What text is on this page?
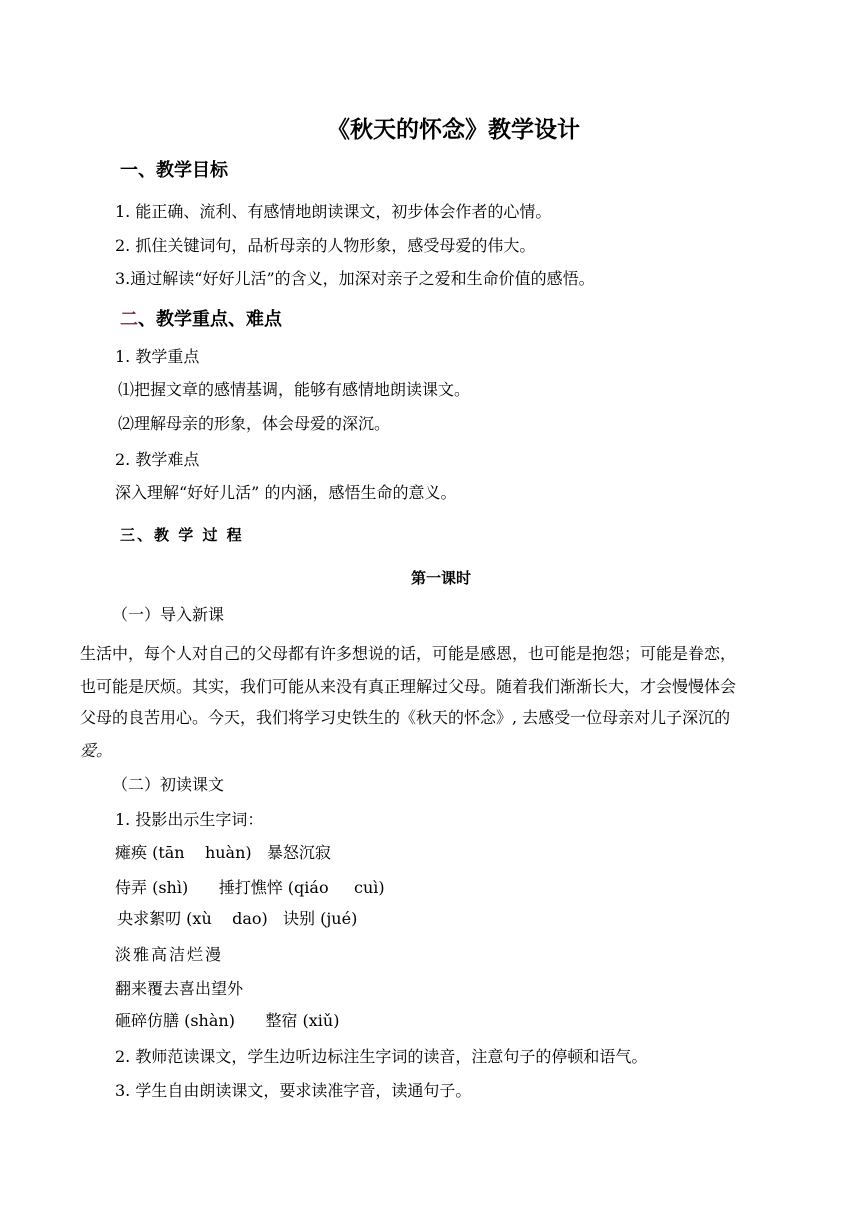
《秋天的怀念》教学设计
一、教学目标
1. 能正确、流利、有感情地朗读课文，初步体会作者的心情。
2. 抓住关键词句，品析母亲的人物形象，感受母爱的伟大。
3.通过解读“好好儿活”的含义，加深对亲子之爱和生命价值的感悟。
二、教学重点、难点
1. 教学重点
⑴把握文章的感情基调，能够有感情地朗读课文。
⑵理解母亲的形象，体会母爱的深沉。
2. 教学难点
深入理解“好好儿活” 的内涵，感悟生命的意义。
三、教 学 过 程
第一课时
（一）导入新课
生活中，每个人对自己的父母都有许多想说的话，可能是感恩，也可能是抱怨；可能是眷恋，
也可能是厌烦。其实，我们可能从来没有真正理解过父母。随着我们渐渐长大，才会慢慢体会
父母的良苦用心。今天，我们将学习史铁生的《秋天的怀念》, 去感受一位母亲对儿子深沉的
爱。
（二）初读课文
1. 投影出示生字词：
瘫痪 (tān    huàn)   暴怒沉寂
侍弄 (shì)      捶打憔悴 (qiáo     cuì)
央求絮叨 (xù    dao)   诀别 (jué)
淡雅高洁烂漫
翻来覆去喜出望外
砸碎仿膳 (shàn)      整宿 (xiǔ)
2. 教师范读课文，学生边听边标注生字词的读音，注意句子的停顿和语气。
3. 学生自由朗读课文，要求读准字音，读通句子。
